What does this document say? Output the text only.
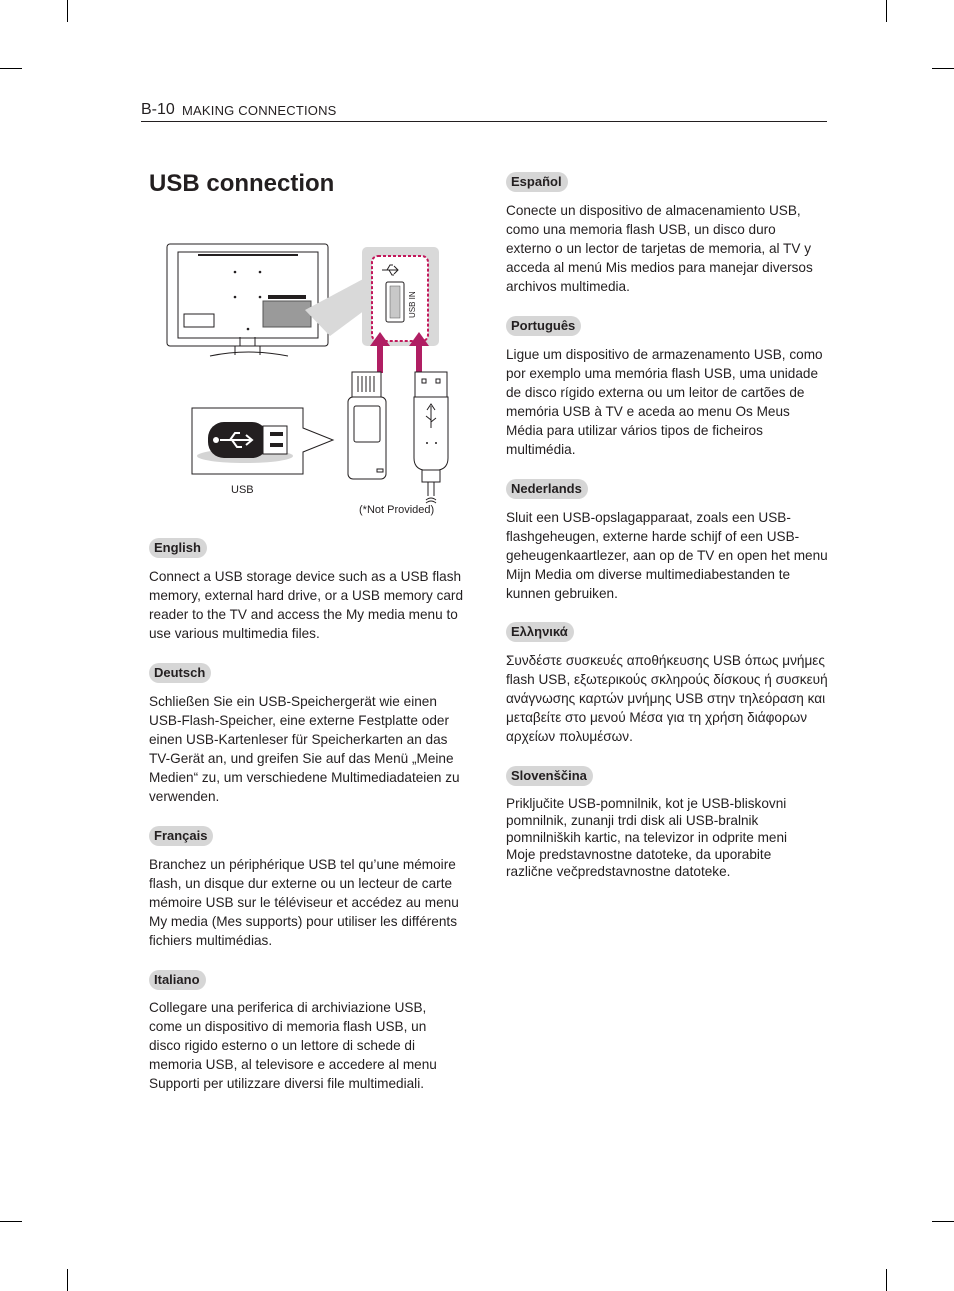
B-10 MAKING CONNECTIONS
USB connection
USB IN
USB
(*Not Provided)
English

Connect a USB storage device such as a USB flash memory, external hard drive, or a USB memory card reader to the TV and access the My media menu to use various multimedia files.

Deutsch

Schließen Sie ein USB-Speichergerät wie einen USB-Flash-Speicher, eine externe Festplatte oder einen USB-Kartenleser für Speicherkarten an das TV-Gerät an, und greifen Sie auf das Menü „Meine Medien“ zu, um verschiedene Multimediadateien zu verwenden.

Français

Branchez un périphérique USB tel qu’une mémoire flash, un disque dur externe ou un lecteur de carte mémoire USB sur le téléviseur et accédez au menu My media (Mes supports) pour utiliser les différents fichiers multimédias.

Italiano

Collegare una periferica di archiviazione USB, come un dispositivo di memoria flash USB, un disco rigido esterno o un lettore di schede di memoria USB, al televisore e accedere al menu Supporti per utilizzare diversi file multimediali.

Español

Conecte un dispositivo de almacenamiento USB, como una memoria flash USB, un disco duro externo o un lector de tarjetas de memoria, al TV y acceda al menú Mis medios para manejar diversos archivos multimedia.

Português

Ligue um dispositivo de armazenamento USB, como por exemplo uma memória flash USB, uma unidade de disco rígido externa ou um leitor de cartões de memória USB à TV e aceda ao menu Os Meus Média para utilizar vários tipos de ficheiros multimédia.

Nederlands

Sluit een USB-opslagapparaat, zoals een USB-flashgeheugen, externe harde schijf of een USB-geheugenkaartlezer, aan op de TV en open het menu Mijn Media om diverse multimediabestanden te kunnen gebruiken.

Ελληνικά

Συνδέστε συσκευές αποθήκευσης USB όπως μνήμες flash USB, εξωτερικούς σκληρούς δίσκους ή συσκευή ανάγνωσης καρτών μνήμης USB στην τηλεόραση και μεταβείτε στο μενού Μέσα για τη χρήση διάφορων αρχείων πολυμέσων.

Slovenščina

Priključite USB-pomnilnik, kot je USB-bliskovni pomnilnik, zunanji trdi disk ali USB-bralnik pomnilniških kartic, na televizor in odprite meni Moje predstavnostne datoteke, da uporabite različne večpredstavnostne datoteke.
